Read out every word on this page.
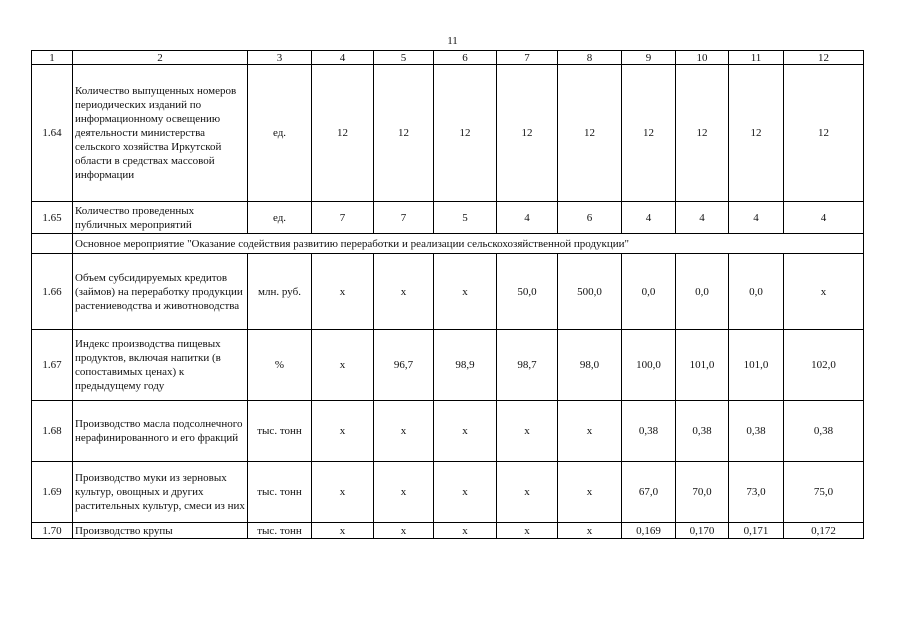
11
1	2	3	4	5	6	7	8	9	10	11	12
1.64	Количество выпущенных номеров периодических изданий по информационному освещению деятельности министерства сельского хозяйства Иркутской области в средствах массовой информации	ед.	12	12	12	12	12	12	12	12	12
1.65	Количество проведенных публичных мероприятий	ед.	7	7	5	4	6	4	4	4	4
	Основное мероприятие "Оказание содействия развитию переработки и реализации сельскохозяйственной продукции"										
1.66	Объем субсидируемых кредитов (займов) на переработку продукции растениеводства и животноводства	млн. руб.	х	х	х	50,0	500,0	0,0	0,0	0,0	х
1.67	Индекс производства пищевых продуктов, включая напитки (в сопоставимых ценах) к предыдущему году	%	х	96,7	98,9	98,7	98,0	100,0	101,0	101,0	102,0
1.68	Производство масла подсолнечного нерафинированного и его фракций	тыс. тонн	х	х	х	х	х	0,38	0,38	0,38	0,38
1.69	Производство муки из зерновых культур, овощных и других растительных культур, смеси из них	тыс. тонн	х	х	х	х	х	67,0	70,0	73,0	75,0
1.70	Производство крупы	тыс. тонн	х	х	х	х	х	0,169	0,170	0,171	0,172
